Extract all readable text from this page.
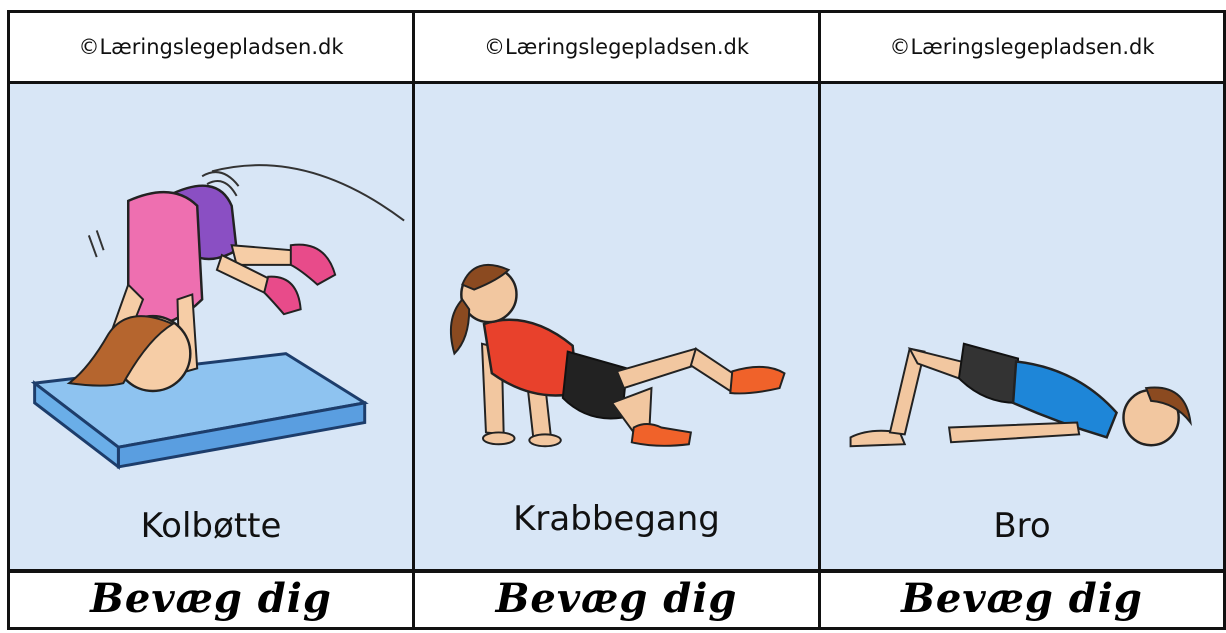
©Læringslegepladsen.dk
Kolbøtte
Bevæg dig
©Læringslegepladsen.dk
Krabbegang
Bevæg dig
©Læringslegepladsen.dk
Bro
Bevæg dig
